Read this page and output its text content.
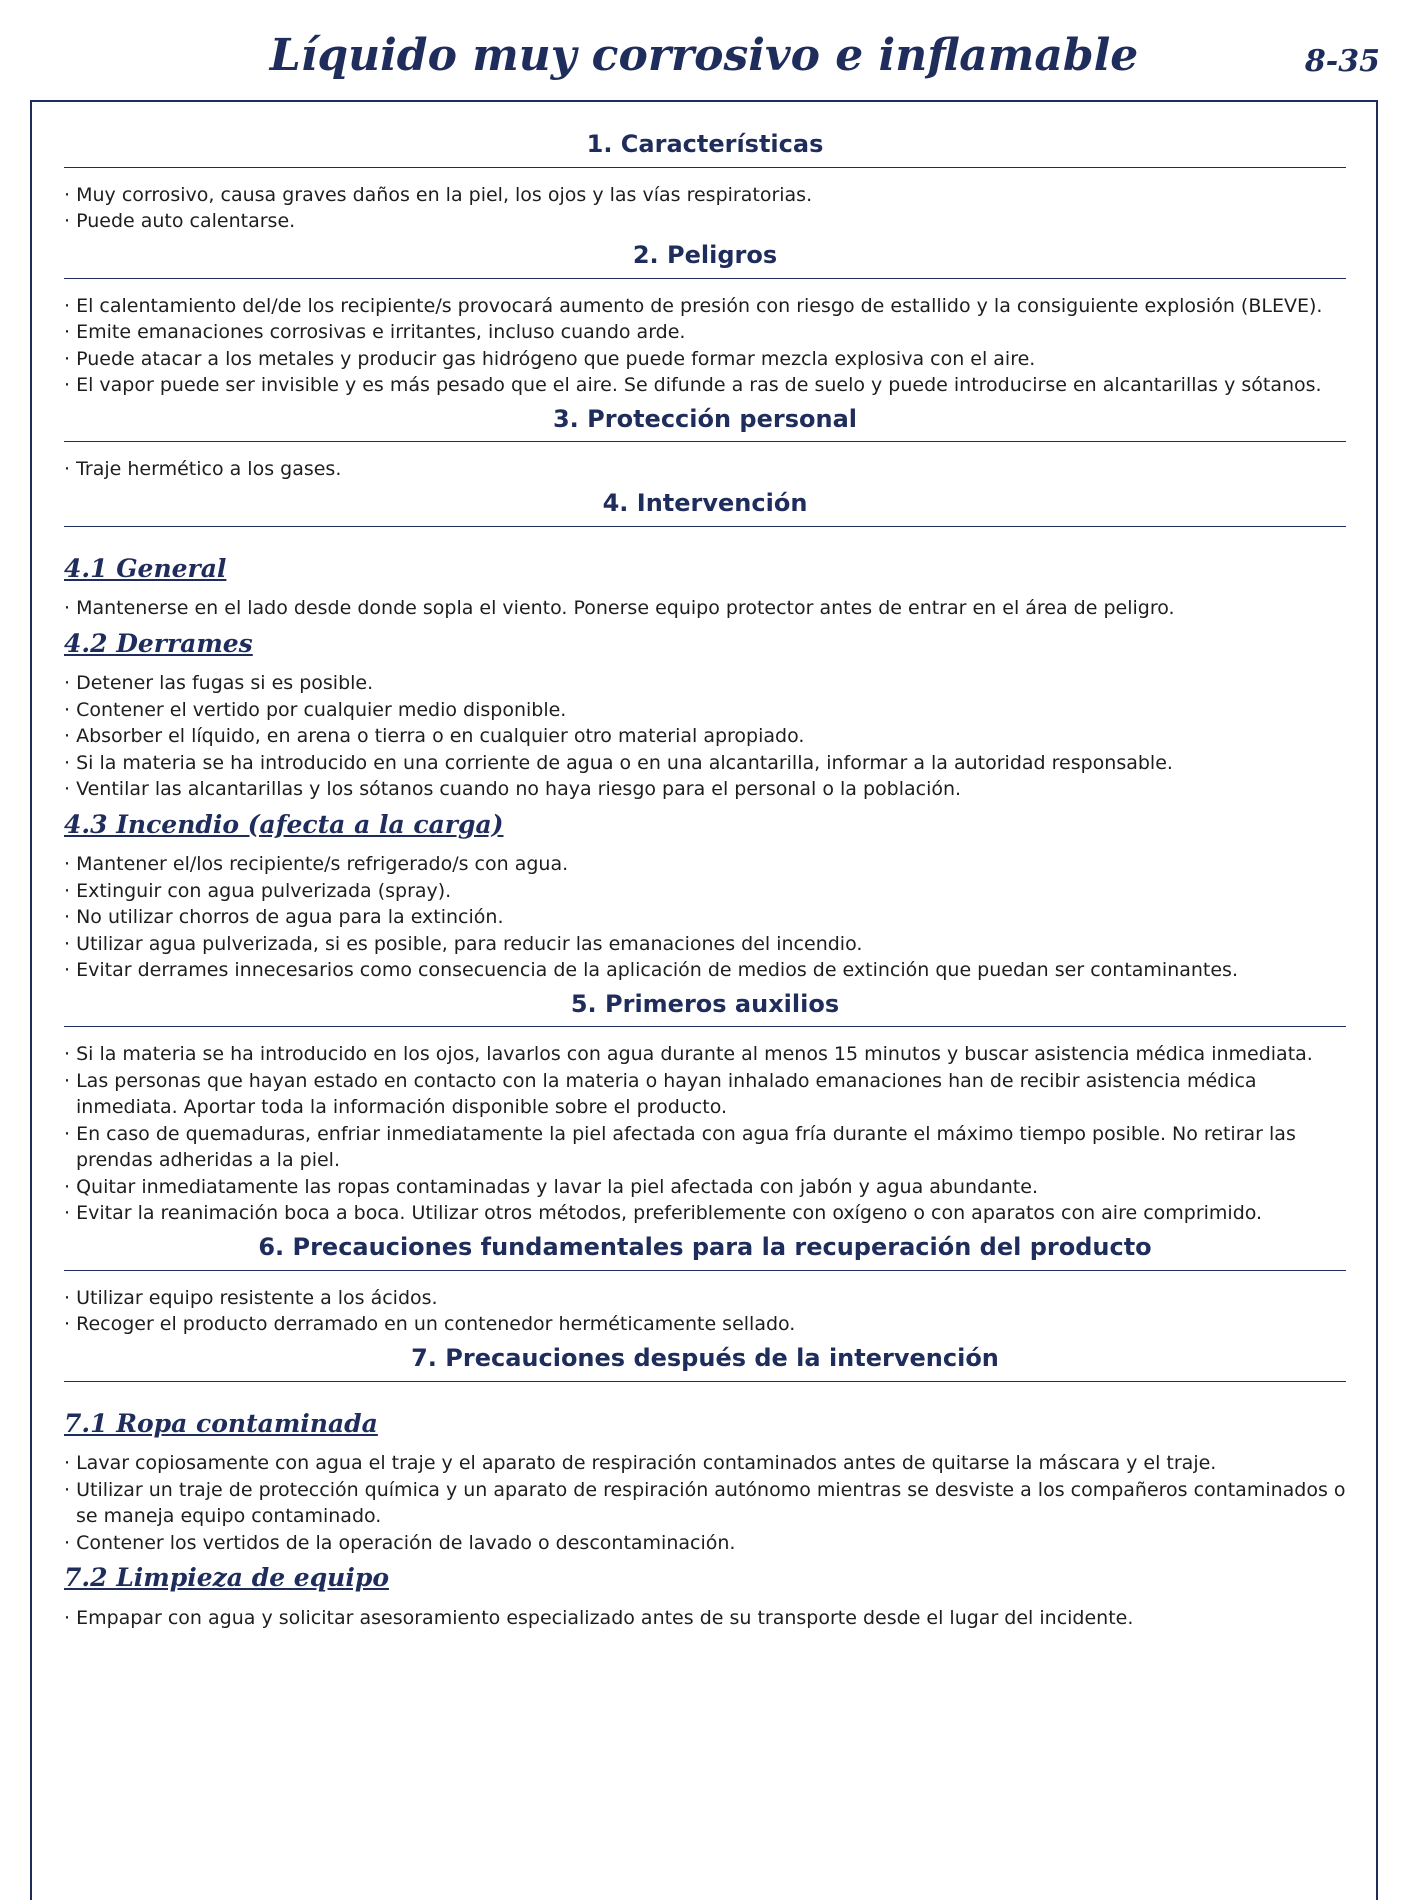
Líquido muy corrosivo e inflamable	8-35
1. Características
· Muy corrosivo, causa graves daños en la piel, los ojos y las vías respiratorias.
· Puede auto calentarse.
2. Peligros
· El calentamiento del/de los recipiente/s provocará aumento de presión con riesgo de estallido y la consiguiente explosión (BLEVE).
· Emite emanaciones corrosivas e irritantes, incluso cuando arde.
· Puede atacar a los metales y producir gas hidrógeno que puede formar mezcla explosiva con el aire.
· El vapor puede ser invisible y es más pesado que el aire. Se difunde a ras de suelo y puede introducirse en alcantarillas y sótanos.
3. Protección personal
· Traje hermético a los gases.
4. Intervención
4.1 General
· Mantenerse en el lado desde donde sopla el viento. Ponerse equipo protector antes de entrar en el área de peligro.
4.2 Derrames
· Detener las fugas si es posible.
· Contener el vertido por cualquier medio disponible.
· Absorber el líquido, en arena o tierra o en cualquier otro material apropiado.
· Si la materia se ha introducido en una corriente de agua o en una alcantarilla, informar a la autoridad responsable.
· Ventilar las alcantarillas y los sótanos cuando no haya riesgo para el personal o la población.
4.3 Incendio (afecta a la carga)
· Mantener el/los recipiente/s refrigerado/s con agua.
· Extinguir con agua pulverizada (spray).
· No utilizar chorros de agua para la extinción.
· Utilizar agua pulverizada, si es posible, para reducir las emanaciones del incendio.
· Evitar derrames innecesarios como consecuencia de la aplicación de medios de extinción que puedan ser contaminantes.
5. Primeros auxilios
· Si la materia se ha introducido en los ojos, lavarlos con agua durante al menos 15 minutos y buscar asistencia médica inmediata.
· Las personas que hayan estado en contacto con la materia o hayan inhalado emanaciones han de recibir asistencia médica inmediata. Aportar toda la información disponible sobre el producto.
· En caso de quemaduras, enfriar inmediatamente la piel afectada con agua fría durante el máximo tiempo posible. No retirar las prendas adheridas a la piel.
· Quitar inmediatamente las ropas contaminadas y lavar la piel afectada con jabón y agua abundante.
· Evitar la reanimación boca a boca. Utilizar otros métodos, preferiblemente con oxígeno o con aparatos con aire comprimido.
6. Precauciones fundamentales para la recuperación del producto
· Utilizar equipo resistente a los ácidos.
· Recoger el producto derramado en un contenedor herméticamente sellado.
7. Precauciones después de la intervención
7.1 Ropa contaminada
· Lavar copiosamente con agua el traje y el aparato de respiración contaminados antes de quitarse la máscara y el traje.
· Utilizar un traje de protección química y un aparato de respiración autónomo mientras se desviste a los compañeros contaminados o se maneja equipo contaminado.
· Contener los vertidos de la operación de lavado o descontaminación.
7.2 Limpieza de equipo
· Empapar con agua y solicitar asesoramiento especializado antes de su transporte desde el lugar del incidente.
